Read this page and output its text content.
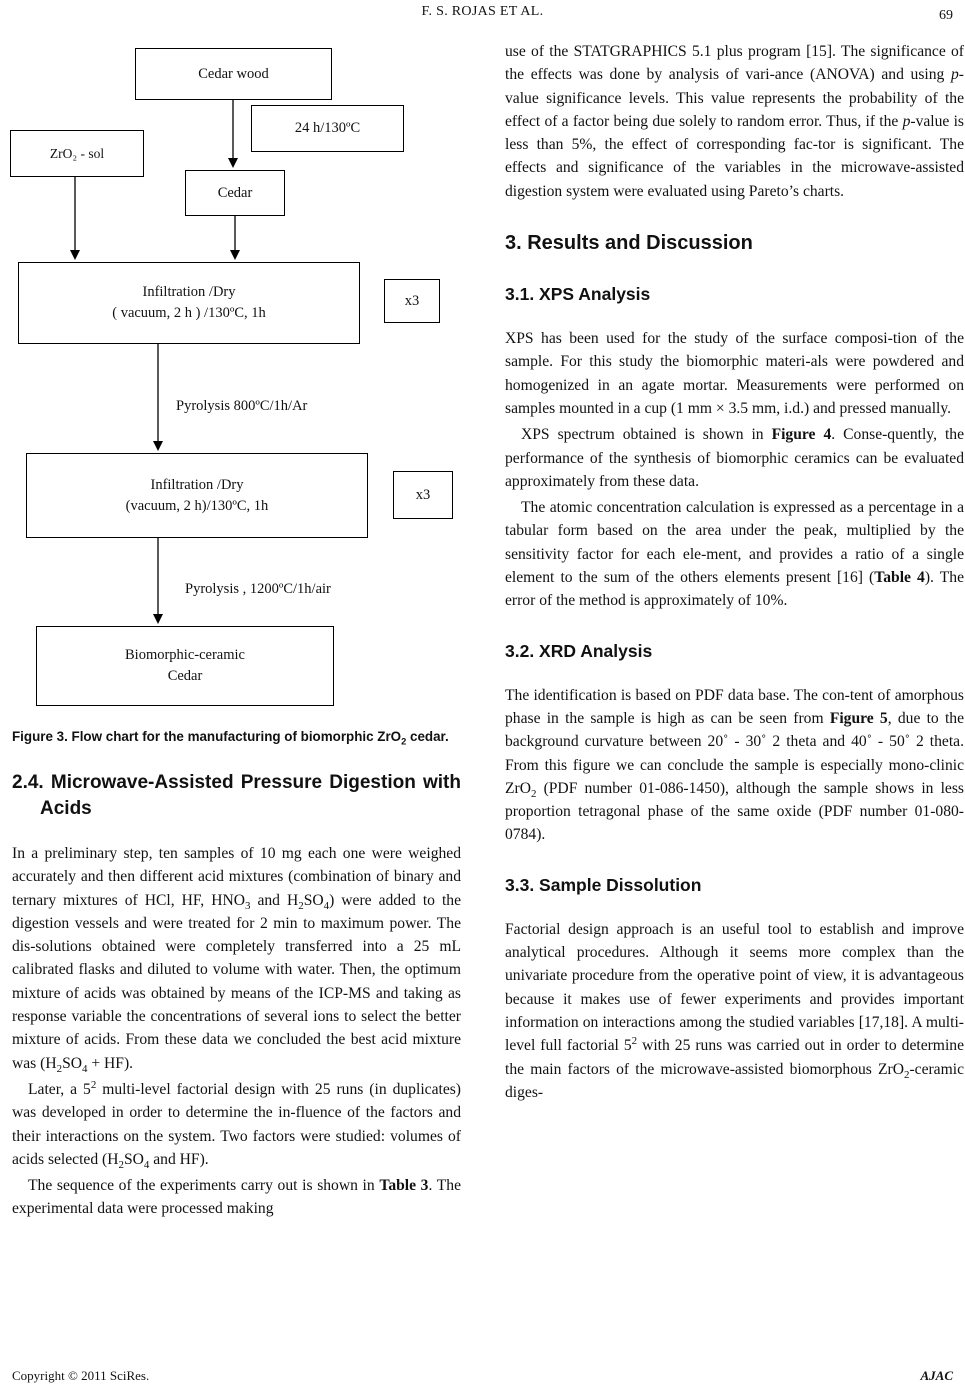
F. S. ROJAS ET AL.	69
Cedar wood
24 h/130ºC
ZrO₂ - sol
Cedar
Infiltration /Dry
( vacuum, 2 h ) /130ºC, 1h
x3
Pyrolysis 800ºC/1h/Ar
Infiltration /Dry
(vacuum, 2 h)/130ºC, 1h
x3
Pyrolysis , 1200ºC/1h/air
Biomorphic-ceramic
Cedar
Figure 3. Flow chart for the manufacturing of biomorphic ZrO$_2$ cedar.
2.4. Microwave-Assisted Pressure Digestion with Acids

In a preliminary step, ten samples of 10 mg each one were weighed accurately and then different acid mixtures (combination of binary and ternary mixtures of HCl, HF, $HNO_3$ and $H_2SO_4$) were added to the digestion vessels and were treated for 2 min to maximum power. The dis-solutions obtained were completely transferred into a 25 mL calibrated flasks and diluted to volume with water. Then, the optimum mixture of acids was obtained by means of the ICP-MS and taking as response variable the concentrations of several ions to select the better mixture of acids. From these data we concluded the best acid mixture was $(H_2SO_4 + HF)$.

Later, a $5^2$ multi-level factorial design with 25 runs (in duplicates) was developed in order to determine the in-fluence of the factors and their interactions on the system. Two factors were studied: volumes of acids selected ($H_2SO_4$ and HF).

The sequence of the experiments carry out is shown in Table 3. The experimental data were processed making

use of the STATGRAPHICS 5.1 plus program [15]. The significance of the effects was done by analysis of vari-ance (ANOVA) and using p-value significance levels. This value represents the probability of the effect of a factor being due solely to random error. Thus, if the p-value is less than 5%, the effect of corresponding fac-tor is significant. The effects and significance of the variables in the microwave-assisted digestion system were evaluated using Pareto’s charts.

3. Results and Discussion
3.1. XPS Analysis

XPS has been used for the study of the surface composi-tion of the sample. For this study the biomorphic materi-als were powdered and homogenized in an agate mortar. Measurements were performed on samples mounted in a cup (1 mm × 3.5 mm, i.d.) and pressed manually.

XPS spectrum obtained is shown in Figure 4. Conse-quently, the performance of the synthesis of biomorphic ceramics can be evaluated approximately from these data.

The atomic concentration calculation is expressed as a percentage in a tabular form based on the area under the peak, multiplied by the sensitivity factor for each ele-ment, and provides a ratio of a single element to the sum of the others elements present [16] (Table 4). The error of the method is approximately of 10%.

3.2. XRD Analysis

The identification is based on PDF data base. The con-tent of amorphous phase in the sample is high as can be seen from Figure 5, due to the background curvature between 20˚ - 30˚ 2 theta and 40˚ - 50˚ 2 theta. From this figure we can conclude the sample is especially mono-clinic ZrO$_2$ (PDF number 01-086-1450), although the sample shows in less proportion tetragonal phase of the same oxide (PDF number 01-080-0784).

3.3. Sample Dissolution

Factorial design approach is an useful tool to establish and improve analytical procedures. Although it seems more complex than the univariate procedure from the operative point of view, it is advantageous because it makes use of fewer experiments and provides important information on interactions among the studied variables [17,18]. A multi-level full factorial $5^2$ with 25 runs was carried out in order to determine the main factors of the microwave-assisted biomorphous ZrO$_2$-ceramic diges-

Copyright © 2011 SciRes.	AJAC
